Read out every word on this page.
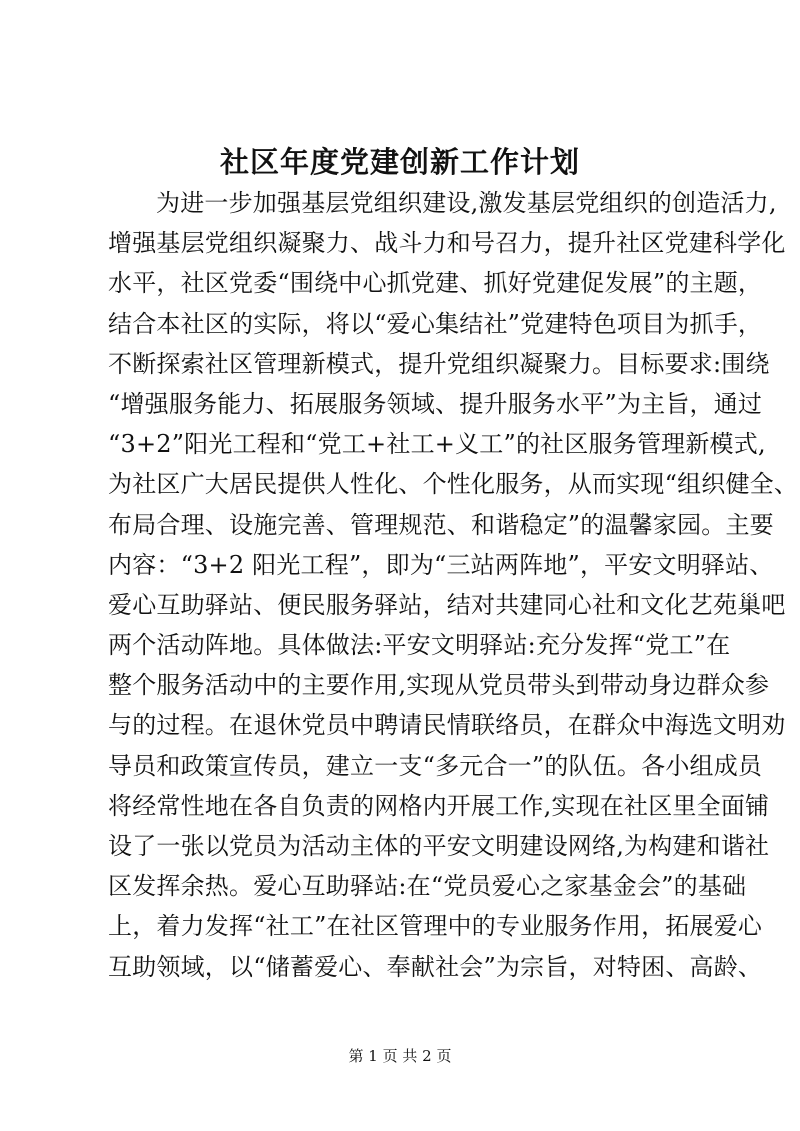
社区年度党建创新工作计划
为进一步加强基层党组织建设,激发基层党组织的创造活力,
增强基层党组织凝聚力、战斗力和号召力，提升社区党建科学化
水平，社区党委“围绕中心抓党建、抓好党建促发展”的主题，
结合本社区的实际，将以“爱心集结社”党建特色项目为抓手，
不断探索社区管理新模式，提升党组织凝聚力。目标要求:围绕
“增强服务能力、拓展服务领域、提升服务水平”为主旨，通过
“3+2”阳光工程和“党工+社工+义工”的社区服务管理新模式,
为社区广大居民提供人性化、个性化服务，从而实现“组织健全、
布局合理、设施完善、管理规范、和谐稳定”的温馨家园。主要
内容：“3+2 阳光工程”，即为“三站两阵地”，平安文明驿站、
爱心互助驿站、便民服务驿站，结对共建同心社和文化艺苑巢吧
两个活动阵地。具体做法:平安文明驿站:充分发挥“党工”在
整个服务活动中的主要作用,实现从党员带头到带动身边群众参
与的过程。在退休党员中聘请民情联络员，在群众中海选文明劝
导员和政策宣传员，建立一支“多元合一”的队伍。各小组成员
将经常性地在各自负责的网格内开展工作,实现在社区里全面铺
设了一张以党员为活动主体的平安文明建设网络,为构建和谐社
区发挥余热。爱心互助驿站:在“党员爱心之家基金会”的基础
上，着力发挥“社工”在社区管理中的专业服务作用，拓展爱心
互助领域，以“储蓄爱心、奉献社会”为宗旨，对特困、高龄、
第 1 页 共 2 页
